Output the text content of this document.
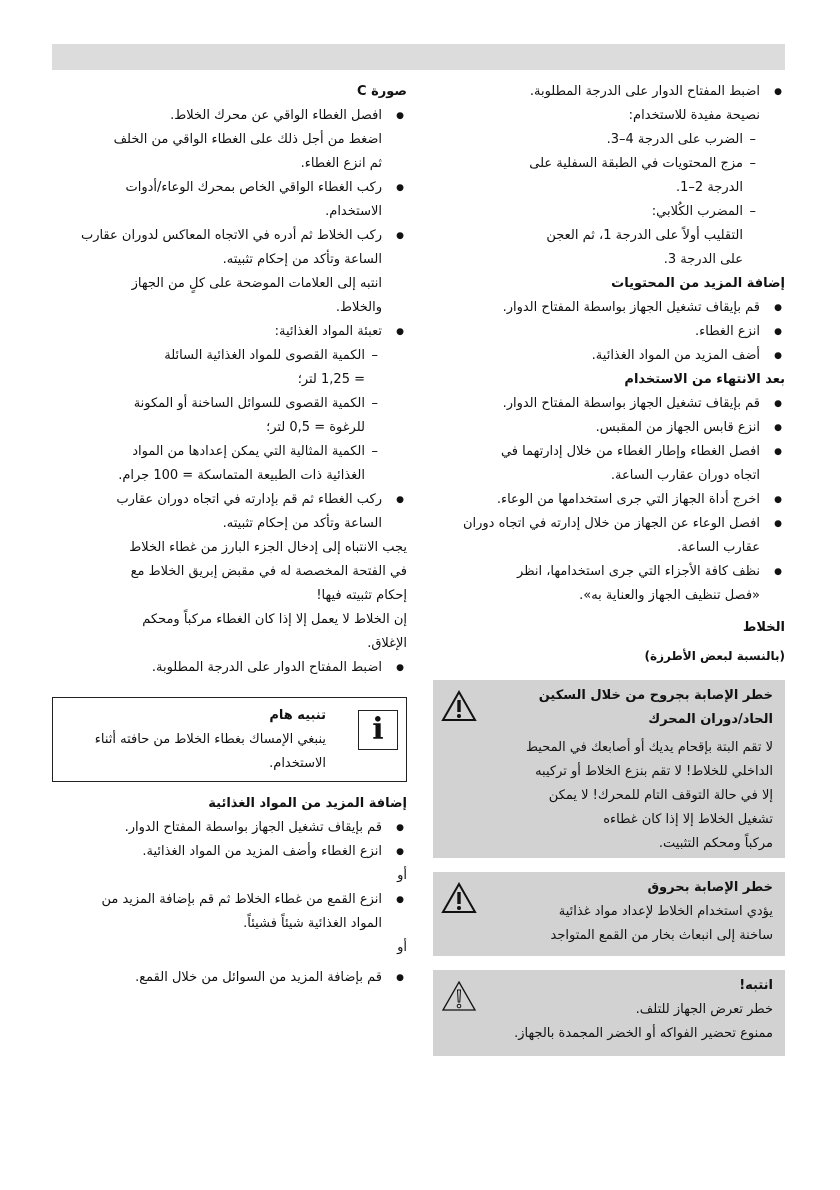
● اضبط المفتاح الدوار على الدرجة المطلوبة.

نصيحة مفيدة للاستخدام:

– الضرب على الدرجة 4–3.

– مزج المحتويات في الطبقة السفلية على

الدرجة 2–1.

– المضرب الكُلابي:

التقليب أولاً على الدرجة 1، ثم العجن

على الدرجة 3.

إضافة المزيد من المحتويات

● قم بإيقاف تشغيل الجهاز بواسطة المفتاح الدوار.

● انزع الغطاء.

● أضف المزيد من المواد الغذائية.

بعد الانتهاء من الاستخدام

● قم بإيقاف تشغيل الجهاز بواسطة المفتاح الدوار.

● انزع قابس الجهاز من المقبس.

● افصل الغطاء وإطار الغطاء من خلال إدارتهما في

اتجاه دوران عقارب الساعة.

● اخرج أداة الجهاز التي جرى استخدامها من الوعاء.

● افصل الوعاء عن الجهاز من خلال إدارته في اتجاه دوران

عقارب الساعة.

● نظف كافة الأجزاء التي جرى استخدامها، انظر

«فصل تنظيف الجهاز والعناية به».

الخلاط

(بالنسبة لبعض الأطرزة)

خطر الإصابة بجروح من خلال السكين

الحاد/دوران المحرك

لا تقم البتة بإقحام يديك أو أصابعك في المحيط

الداخلي للخلاط! لا تقم بنزع الخلاط أو تركيبه

إلا في حالة التوقف التام للمحرك! لا يمكن

تشغيل الخلاط إلا إذا كان غطاءه

مركباً ومحكم التثبيت.

خطر الإصابة بحروق

يؤدي استخدام الخلاط لإعداد مواد غذائية

ساخنة إلى انبعاث بخار من القمع المتواجد

انتبه!

خطر تعرض الجهاز للتلف.

ممنوع تحضير الفواكه أو الخضر المجمدة بالجهاز.

صورة C

● افصل الغطاء الواقي عن محرك الخلاط.

اضغط من أجل ذلك على الغطاء الواقي من الخلف

ثم انزع الغطاء.

● ركب الغطاء الواقي الخاص بمحرك الوعاء/أدوات

الاستخدام.

● ركب الخلاط ثم أدره في الاتجاه المعاكس لدوران عقارب

الساعة وتأكد من إحكام تثبيته.

انتبه إلى العلامات الموضحة على كلٍ من الجهاز

والخلاط.

● تعبئة المواد الغذائية:

– الكمية القصوى للمواد الغذائية السائلة

= 1,25 لتر؛

– الكمية القصوى للسوائل الساخنة أو المكونة

للرغوة = 0,5 لتر؛

– الكمية المثالية التي يمكن إعدادها من المواد

الغذائية ذات الطبيعة المتماسكة = 100 جرام.

● ركب الغطاء ثم قم بإدارته في اتجاه دوران عقارب

الساعة وتأكد من إحكام تثبيته.

يجب الانتباه إلى إدخال الجزء البارز من غطاء الخلاط

في الفتحة المخصصة له في مقبض إبريق الخلاط مع

إحكام تثبيته فيها!

إن الخلاط لا يعمل إلا إذا كان الغطاء مركباً ومحكم

الإغلاق.

● اضبط المفتاح الدوار على الدرجة المطلوبة.

i

تنبيه هام

ينبغي الإمساك بغطاء الخلاط من حافته أثناء

الاستخدام.

إضافة المزيد من المواد الغذائية

● قم بإيقاف تشغيل الجهاز بواسطة المفتاح الدوار.

● انزع الغطاء وأضف المزيد من المواد الغذائية.

أو

● انزع القمع من غطاء الخلاط ثم قم بإضافة المزيد من

المواد الغذائية شيئاً فشيئاً.

أو

● قم بإضافة المزيد من السوائل من خلال القمع.
